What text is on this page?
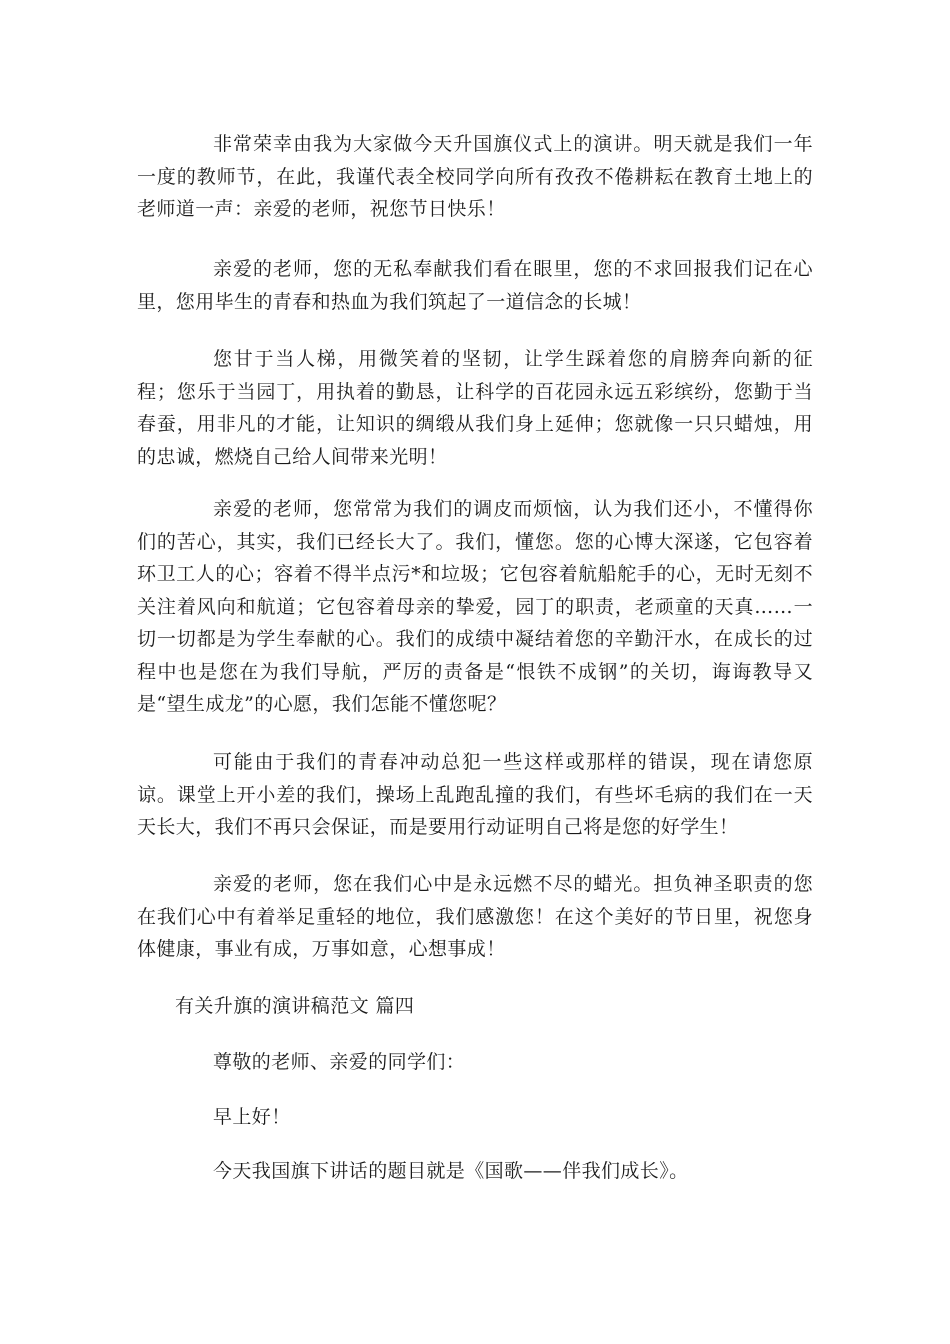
非常荣幸由我为大家做今天升国旗仪式上的演讲。明天就是我们一年一度的教师节，在此，我谨代表全校同学向所有孜孜不倦耕耘在教育土地上的老师道一声：亲爱的老师，祝您节日快乐！

亲爱的老师，您的无私奉献我们看在眼里，您的不求回报我们记在心里，您用毕生的青春和热血为我们筑起了一道信念的长城！

您甘于当人梯，用微笑着的坚韧，让学生踩着您的肩膀奔向新的征程；您乐于当园丁，用执着的勤恳，让科学的百花园永远五彩缤纷，您勤于当春蚕，用非凡的才能，让知识的绸缎从我们身上延伸；您就像一只只蜡烛，用的忠诚，燃烧自己给人间带来光明！

亲爱的老师，您常常为我们的调皮而烦恼，认为我们还小，不懂得你们的苦心，其实，我们已经长大了。我们，懂您。您的心博大深遂，它包容着环卫工人的心；容着不得半点污*和垃圾；它包容着航船舵手的心，无时无刻不关注着风向和航道；它包容着母亲的挚爱，园丁的职责，老顽童的天真……一切一切都是为学生奉献的心。我们的成绩中凝结着您的辛勤汗水，在成长的过程中也是您在为我们导航，严厉的责备是“恨铁不成钢”的关切，诲诲教导又是“望生成龙”的心愿，我们怎能不懂您呢？

可能由于我们的青春冲动总犯一些这样或那样的错误，现在请您原谅。课堂上开小差的我们，操场上乱跑乱撞的我们，有些坏毛病的我们在一天天长大，我们不再只会保证，而是要用行动证明自己将是您的好学生！

亲爱的老师，您在我们心中是永远燃不尽的蜡光。担负神圣职责的您在我们心中有着举足重轻的地位，我们感激您！在这个美好的节日里，祝您身体健康，事业有成，万事如意，心想事成！

有关升旗的演讲稿范文 篇四

尊敬的老师、亲爱的同学们：

早上好！

今天我国旗下讲话的题目就是《国歌——伴我们成长》。
